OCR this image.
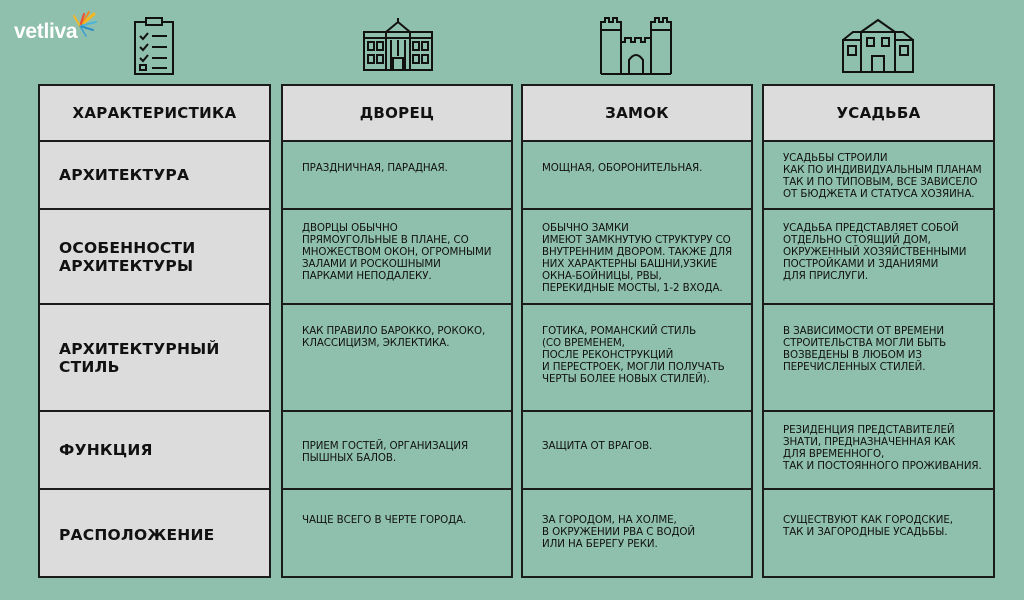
vetliva
ХАРАКТЕРИСТИКА
АРХИТЕКТУРА
ОСОБЕННОСТИ
АРХИТЕКТУРЫ
АРХИТЕКТУРНЫЙ
СТИЛЬ
ФУНКЦИЯ
РАСПОЛОЖЕНИЕ
ДВОРЕЦ
ПРАЗДНИЧНАЯ, ПАРАДНАЯ.
ДВОРЦЫ ОБЫЧНО
ПРЯМОУГОЛЬНЫЕ В ПЛАНЕ, СО
МНОЖЕСТВОМ ОКОН, ОГРОМНЫМИ
ЗАЛАМИ И РОСКОШНЫМИ
ПАРКАМИ НЕПОДАЛЕКУ.
КАК ПРАВИЛО БАРОККО, РОКОКО,
КЛАССИЦИЗМ, ЭКЛЕКТИКА.
ПРИЕМ ГОСТЕЙ, ОРГАНИЗАЦИЯ
ПЫШНЫХ БАЛОВ.
ЧАЩЕ ВСЕГО В ЧЕРТЕ ГОРОДА.
ЗАМОК
МОЩНАЯ, ОБОРОНИТЕЛЬНАЯ.
ОБЫЧНО ЗАМКИ
ИМЕЮТ ЗАМКНУТУЮ СТРУКТУРУ СО
ВНУТРЕННИМ ДВОРОМ. ТАКЖЕ ДЛЯ
НИХ ХАРАКТЕРНЫ БАШНИ,УЗКИЕ
ОКНА-БОЙНИЦЫ, РВЫ,
ПЕРЕКИДНЫЕ МОСТЫ, 1-2 ВХОДА.
ГОТИКА, РОМАНСКИЙ СТИЛЬ
(СО ВРЕМЕНЕМ,
ПОСЛЕ РЕКОНСТРУКЦИЙ
И ПЕРЕСТРОЕК, МОГЛИ ПОЛУЧАТЬ
ЧЕРТЫ БОЛЕЕ НОВЫХ СТИЛЕЙ).
ЗАЩИТА ОТ ВРАГОВ.
ЗА ГОРОДОМ, НА ХОЛМЕ,
В ОКРУЖЕНИИ РВА С ВОДОЙ
ИЛИ НА БЕРЕГУ РЕКИ.
УСАДЬБА
УСАДЬБЫ СТРОИЛИ
КАК ПО ИНДИВИДУАЛЬНЫМ ПЛАНАМ
ТАК И ПО ТИПОВЫМ, ВСЕ ЗАВИСЕЛО
ОТ БЮДЖЕТА И СТАТУСА ХОЗЯИНА.
УСАДЬБА ПРЕДСТАВЛЯЕТ СОБОЙ
ОТДЕЛЬНО СТОЯЩИЙ ДОМ,
ОКРУЖЕННЫЙ ХОЗЯЙСТВЕННЫМИ
ПОСТРОЙКАМИ И ЗДАНИЯМИ
ДЛЯ ПРИСЛУГИ.
В ЗАВИСИМОСТИ ОТ ВРЕМЕНИ
СТРОИТЕЛЬСТВА МОГЛИ БЫТЬ
ВОЗВЕДЕНЫ В ЛЮБОМ ИЗ
ПЕРЕЧИСЛЕННЫХ СТИЛЕЙ.
РЕЗИДЕНЦИЯ ПРЕДСТАВИТЕЛЕЙ
ЗНАТИ, ПРЕДНАЗНАЧЕННАЯ КАК
ДЛЯ ВРЕМЕННОГО,
ТАК И ПОСТОЯННОГО ПРОЖИВАНИЯ.
СУЩЕСТВУЮТ КАК ГОРОДСКИЕ,
ТАК И ЗАГОРОДНЫЕ УСАДЬБЫ.
